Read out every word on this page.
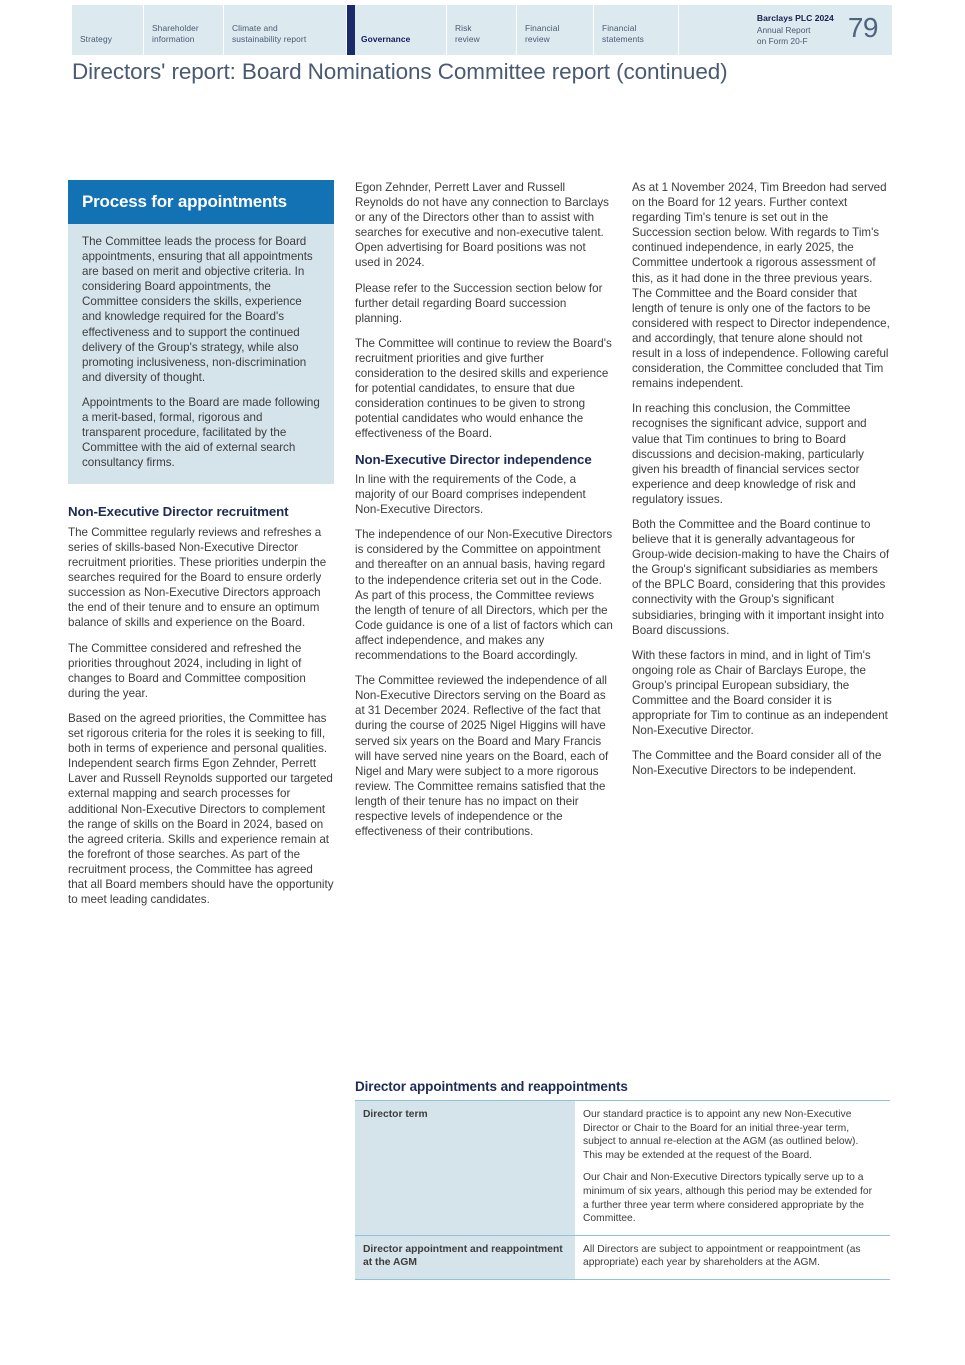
Strategy
Shareholder
information
Climate and
sustainability report	Governance
Risk
review
Financial
review
Financial
statements
Barclays PLC 2024
Annual Report
on Form 20-F	79
Directors' report: Board Nominations Committee report (continued)
Process for appointments

The Committee leads the process for Board appointments, ensuring that all appointments are based on merit and objective criteria. In considering Board appointments, the Committee considers the skills, experience and knowledge required for the Board's effectiveness and to support the continued delivery of the Group's strategy, while also promoting inclusiveness, non-discrimination and diversity of thought.

Appointments to the Board are made following a merit-based, formal, rigorous and transparent procedure, facilitated by the Committee with the aid of external search consultancy firms.

Non-Executive Director recruitment

The Committee regularly reviews and refreshes a series of skills-based Non-Executive Director recruitment priorities. These priorities underpin the searches required for the Board to ensure orderly succession as Non-Executive Directors approach the end of their tenure and to ensure an optimum balance of skills and experience on the Board.

The Committee considered and refreshed the priorities throughout 2024, including in light of changes to Board and Committee composition during the year.

Based on the agreed priorities, the Committee has set rigorous criteria for the roles it is seeking to fill, both in terms of experience and personal qualities. Independent search firms Egon Zehnder, Perrett Laver and Russell Reynolds supported our targeted external mapping and search processes for additional Non-Executive Directors to complement the range of skills on the Board in 2024, based on the agreed criteria. Skills and experience remain at the forefront of those searches. As part of the recruitment process, the Committee has agreed that all Board members should have the opportunity to meet leading candidates.

Egon Zehnder, Perrett Laver and Russell Reynolds do not have any connection to Barclays or any of the Directors other than to assist with searches for executive and non-executive talent. Open advertising for Board positions was not used in 2024.

Please refer to the Succession section below for further detail regarding Board succession planning.

The Committee will continue to review the Board's recruitment priorities and give further consideration to the desired skills and experience for potential candidates, to ensure that due consideration continues to be given to strong potential candidates who would enhance the effectiveness of the Board.

Non-Executive Director independence

In line with the requirements of the Code, a majority of our Board comprises independent Non-Executive Directors.

The independence of our Non-Executive Directors is considered by the Committee on appointment and thereafter on an annual basis, having regard to the independence criteria set out in the Code. As part of this process, the Committee reviews the length of tenure of all Directors, which per the Code guidance is one of a list of factors which can affect independence, and makes any recommendations to the Board accordingly.

The Committee reviewed the independence of all Non-Executive Directors serving on the Board as at 31 December 2024. Reflective of the fact that during the course of 2025 Nigel Higgins will have served six years on the Board and Mary Francis will have served nine years on the Board, each of Nigel and Mary were subject to a more rigorous review. The Committee remains satisfied that the length of their tenure has no impact on their respective levels of independence or the effectiveness of their contributions.

As at 1 November 2024, Tim Breedon had served on the Board for 12 years. Further context regarding Tim's tenure is set out in the Succession section below. With regards to Tim's continued independence, in early 2025, the Committee undertook a rigorous assessment of this, as it had done in the three previous years. The Committee and the Board consider that length of tenure is only one of the factors to be considered with respect to Director independence, and accordingly, that tenure alone should not result in a loss of independence. Following careful consideration, the Committee concluded that Tim remains independent.

In reaching this conclusion, the Committee recognises the significant advice, support and value that Tim continues to bring to Board discussions and decision-making, particularly given his breadth of financial services sector experience and deep knowledge of risk and regulatory issues.

Both the Committee and the Board continue to believe that it is generally advantageous for Group-wide decision-making to have the Chairs of the Group's significant subsidiaries as members of the BPLC Board, considering that this provides connectivity with the Group's significant subsidiaries, bringing with it important insight into Board discussions.

With these factors in mind, and in light of Tim's ongoing role as Chair of Barclays Europe, the Group's principal European subsidiary, the Committee and the Board consider it is appropriate for Tim to continue as an independent Non-Executive Director.

The Committee and the Board consider all of the Non-Executive Directors to be independent.

Director appointments and reappointments
Director term	Our standard practice is to appoint any new Non-Executive Director or Chair to the Board for an initial three-year term, subject to annual re-election at the AGM (as outlined below). This may be extended at the request of the Board.

Our Chair and Non-Executive Directors typically serve up to a minimum of six years, although this period may be extended for a further three year term where considered appropriate by the Committee.

Director appointment and reappointment at the AGM	All Directors are subject to appointment or reappointment (as appropriate) each year by shareholders at the AGM.
